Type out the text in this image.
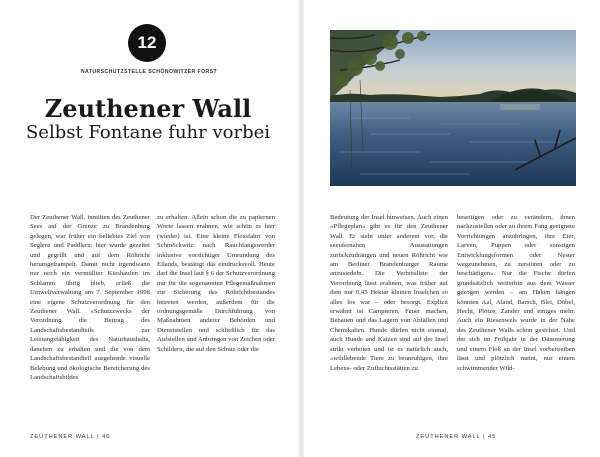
12
NATURSCHUTZSTELLE SCHÖNOWITZER FORST
Zeuthener Wall
Selbst Fontane fuhr vorbei

Der Zeuthener Wall, inmitten des Zeuthener Sees auf der Grenze zu Brandenburg gelegen, war früher ein beliebtes Ziel von Seglern und Paddlern: hier wurde gezeltet und gegrillt und auf dem Röhricht herumgetrampelt. Damit nicht irgendwann nur noch ein vermüllter Kieshaufen im Schlamm übrig blieb, erließ die Umweltverwaltung am 7. September 1998 eine eigene Schutzverordnung für den Zeuthener Wall. »Schutzzwecks der Verordnung die Beitrag des Landschaftsbestandteils zur Leistungsfähigkeit des Naturhaushalts, daneben zu erhalten und die von dem Landschaftsbestandteil ausgehende visuelle Belebung und ökologische Bereicherung des Landschaftsbildes

zu erhalten. Allein schon die zu papiernen Worte lassen erahnen, wie schön es hier (wieder) ist. Eine kleine Flossfahrt von Schmöckwitz nach Rauchfangswerder inklusive vorsichtiger Umrundung des Eilands, bestätigt das eindrucksvoll. Heute darf die Insel laut § 6 der Schutzverordnung nur für die sogenannten Pflegemaßnahmen zur Sicherung des Röhrichtbestandes betreten werden, außerdem für die ordnungsgemäße Durchführung von Maßnahmen anderer Behörden und Dienststellen und schließlich für das Aufstellen und Anbringen von Zeichen oder Schildern, die auf den Schutz oder die

Bedeutung der Insel hinweisen. Auch einen »Pflegeplan« gibt es für den Zeuthener Wall. Er sieht unter anderem vor, die seeufernahen Ausstattungen zurückzudrängen und neuen Röhricht wie am Berliner Brandenburger Raume anzusiedeln. Die Verbotsliste der Verordnung lässt erahnen, was früher auf dem nur 0,45 Hektar kleinen Inselchen so alles los war – oder besorgt. Explizit erwähnt ist Campieren, Feuer machen, Bebauen und das Lagern von Abfällen und Chemikalien. Hunde dürfen nicht einmal, auch Hunde und Katzen sind auf der Insel strikt verboten und ist es natürlich auch, »wildlebende Tiere zu beunruhigen, ihre Lebens- oder Zufluchtsstätten zu

beseitigen oder zu verändern, ihnen nachzustellen oder zu ihrem Fang geeignete Vorrichtungen anzubringen, ihre Eier, Larven, Puppen oder sonstigen Entwicklungsformen oder Nester wegzunehmen, zu zerstören oder zu beschädigen«. Nur die Fische dürfen grundsätzlich weiterhin aus dem Wasser gezogen werden – am Haken hängen könnten Aal, Aland, Barsch, Blei, Döbel, Hecht, Plötze, Zander und einiges mehr. Auch ein Riesenwels wurde in der Nähe des Zeuthener Walls schon gesichtet. Und der sich im Frühjahr in der Dämmerung und einem Floß an der Insel vorbeitreiben lässt und plötzlich meint, nur einem schwimmender Wild-

ZEUTHENER WALL | 46	ZEUTHENER WALL | 45
